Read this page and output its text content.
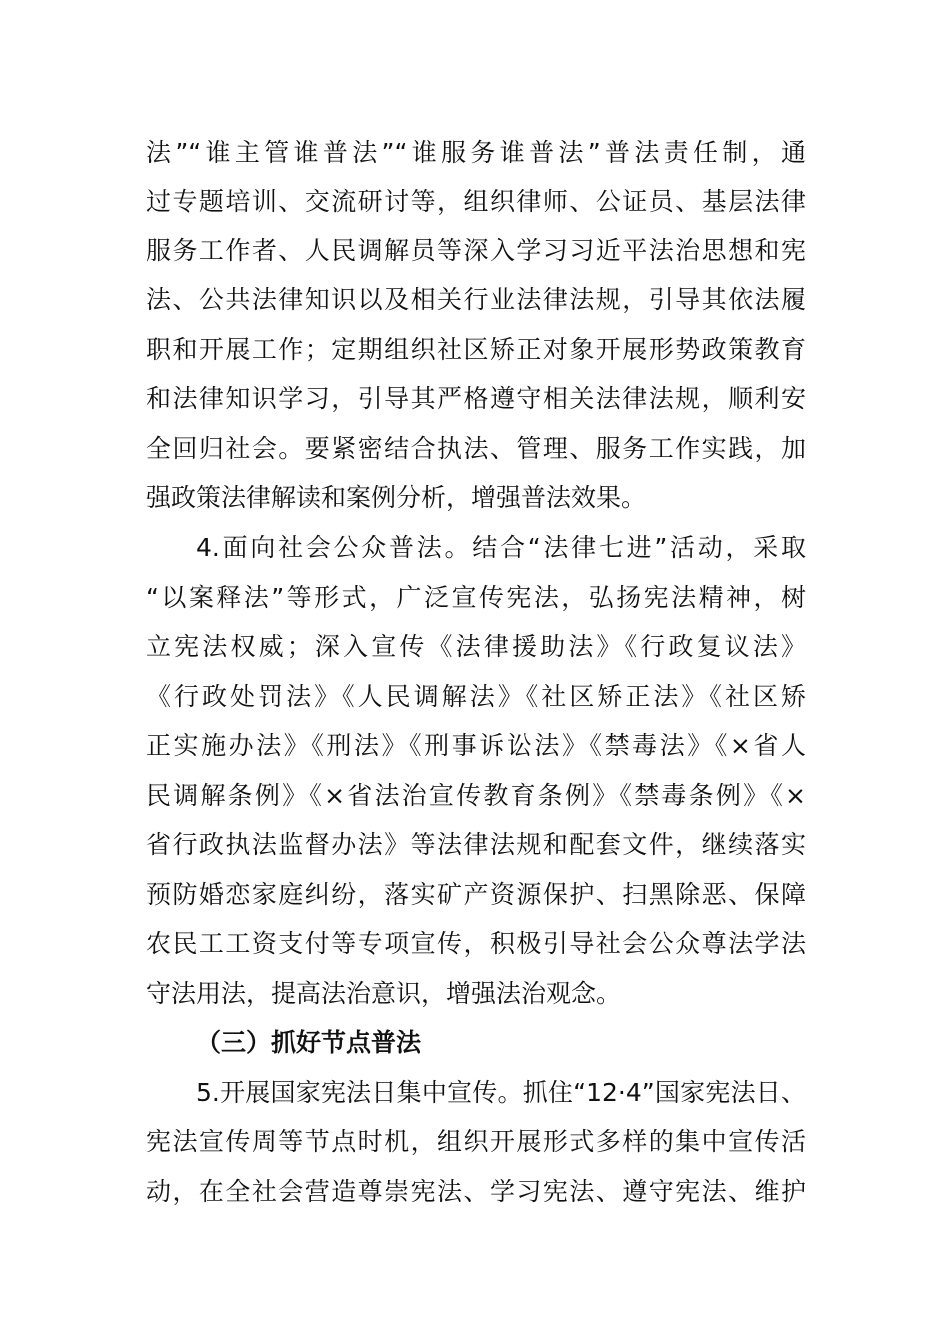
法”“谁主管谁普法”“谁服务谁普法”普法责任制，通
过专题培训、交流研讨等，组织律师、公证员、基层法律
服务工作者、人民调解员等深入学习习近平法治思想和宪
法、公共法律知识以及相关行业法律法规，引导其依法履
职和开展工作；定期组织社区矫正对象开展形势政策教育
和法律知识学习，引导其严格遵守相关法律法规，顺利安
全回归社会。要紧密结合执法、管理、服务工作实践，加
强政策法律解读和案例分析，增强普法效果。
4.面向社会公众普法。结合“法律七进”活动，采取
“以案释法”等形式，广泛宣传宪法，弘扬宪法精神，树
立宪法权威；深入宣传《法律援助法》《行政复议法》
《行政处罚法》《人民调解法》《社区矫正法》《社区矫
正实施办法》《刑法》《刑事诉讼法》《禁毒法》《×省人
民调解条例》《×省法治宣传教育条例》《禁毒条例》《×
省行政执法监督办法》等法律法规和配套文件，继续落实
预防婚恋家庭纠纷，落实矿产资源保护、扫黑除恶、保障
农民工工资支付等专项宣传，积极引导社会公众尊法学法
守法用法，提高法治意识，增强法治观念。
（三）抓好节点普法
5.开展国家宪法日集中宣传。抓住“12·4”国家宪法日、
宪法宣传周等节点时机，组织开展形式多样的集中宣传活
动，在全社会营造尊崇宪法、学习宪法、遵守宪法、维护
